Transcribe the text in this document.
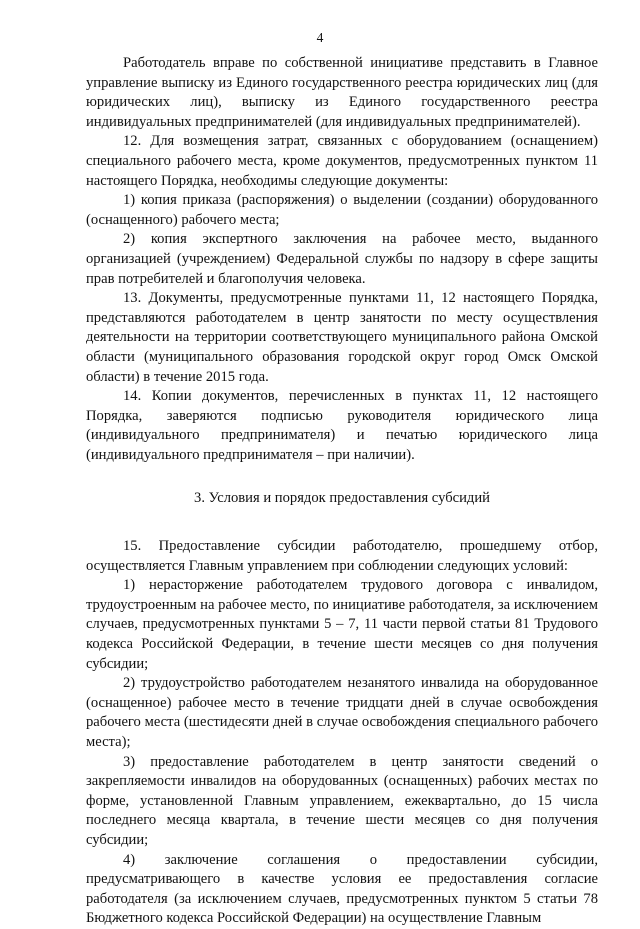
4

Работодатель вправе по собственной инициативе представить в Главное управление выписку из Единого государственного реестра юридических лиц (для юридических лиц), выписку из Единого государственного реестра индивидуальных предпринимателей (для индивидуальных предпринимателей).

12. Для возмещения затрат, связанных с оборудованием (оснащением) специального рабочего места, кроме документов, предусмотренных пунктом 11 настоящего Порядка, необходимы следующие документы:

1) копия приказа (распоряжения) о выделении (создании) оборудованного (оснащенного) рабочего места;

2) копия экспертного заключения на рабочее место, выданного организацией (учреждением) Федеральной службы по надзору в сфере защиты прав потребителей и благополучия человека.

13. Документы, предусмотренные пунктами 11, 12 настоящего Порядка, представляются работодателем в центр занятости по месту осуществления деятельности на территории соответствующего муниципального района Омской области (муниципального образования городской округ город Омск Омской области) в течение 2015 года.

14. Копии документов, перечисленных в пунктах 11, 12 настоящего Порядка, заверяются подписью руководителя юридического лица (индивидуального предпринимателя) и печатью юридического лица (индивидуального предпринимателя – при наличии).

3. Условия и порядок предоставления субсидий

15. Предоставление субсидии работодателю, прошедшему отбор, осуществляется Главным управлением при соблюдении следующих условий:

1) нерасторжение работодателем трудового договора с инвалидом, трудоустроенным на рабочее место, по инициативе работодателя, за исключением случаев, предусмотренных пунктами 5 – 7, 11 части первой статьи 81 Трудового кодекса Российской Федерации, в течение шести месяцев со дня получения субсидии;

2) трудоустройство работодателем незанятого инвалида на оборудованное (оснащенное) рабочее место в течение тридцати дней в случае освобождения рабочего места (шестидесяти дней в случае освобождения специального рабочего места);

3) предоставление работодателем в центр занятости сведений о закрепляемости инвалидов на оборудованных (оснащенных) рабочих местах по форме, установленной Главным управлением, ежеквартально, до 15 числа последнего месяца квартала, в течение шести месяцев со дня получения субсидии;

4) заключение соглашения о предоставлении субсидии, предусматривающего в качестве условия ее предоставления согласие работодателя (за исключением случаев, предусмотренных пунктом 5 статьи 78 Бюджетного кодекса Российской Федерации) на осуществление Главным
